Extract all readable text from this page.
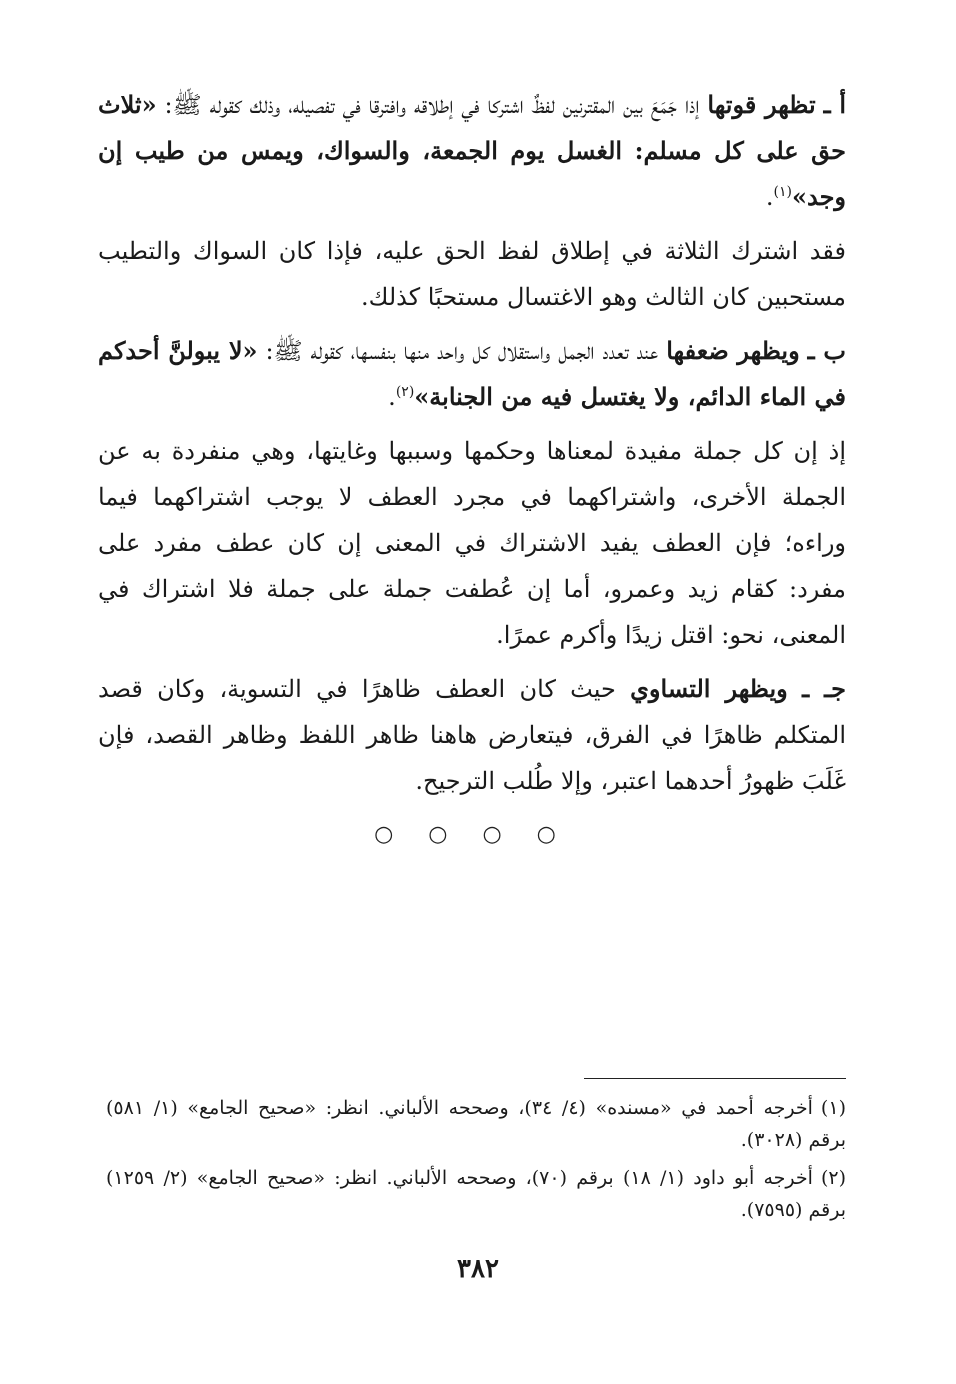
أ ـ تظهر قوتها إذا جَمَعَ بين المقترنين لفظٌ اشتركا في إطلاقه وافترقا في تفصيله، وذلك كقوله ﷺ: «ثلاث حق على كل مسلم: الغسل يوم الجمعة، والسواك، ويمس من طيب إن وجد»$^{(١)}$.

فقد اشترك الثلاثة في إطلاق لفظ الحق عليه، فإذا كان السواك والتطيب مستحبين كان الثالث وهو الاغتسال مستحبًا كذلك.

ب ـ ويظهر ضعفها عند تعدد الجمل واستقلال كل واحد منها بنفسها، كقوله ﷺ: «لا يبولنَّ أحدكم في الماء الدائم، ولا يغتسل فيه من الجنابة»$^{(٢)}$.

إذ إن كل جملة مفيدة لمعناها وحكمها وسببها وغايتها، وهي منفردة به عن الجملة الأخرى، واشتراكهما في مجرد العطف لا يوجب اشتراكهما فيما وراءه؛ فإن العطف يفيد الاشتراك في المعنى إن كان عطف مفرد على مفرد: كقام زيد وعمرو، أما إن عُطفت جملة على جملة فلا اشتراك في المعنى، نحو: اقتل زيدًا وأكرم عمرًا.

جـ ـ ويظهر التساوي حيث كان العطف ظاهرًا في التسوية، وكان قصد المتكلم ظاهرًا في الفرق، فيتعارض هاهنا ظاهر اللفظ وظاهر القصد، فإن غَلَبَ ظهورُ أحدهما اعتبر، وإلا طُلب الترجيح.

○ ○ ○ ○

(١)أخرجه أحمد في «مسنده» (٤/ ٣٤)، وصححه الألباني. انظر: «صحيح الجامع» (١/ ٥٨١) برقم (٣٠٢٨).

(٢)أخرجه أبو داود (١/ ١٨) برقم (٧٠)، وصححه الألباني. انظر: «صحيح الجامع» (٢/ ١٢٥٩) برقم (٧٥٩٥).

٣٨٢
